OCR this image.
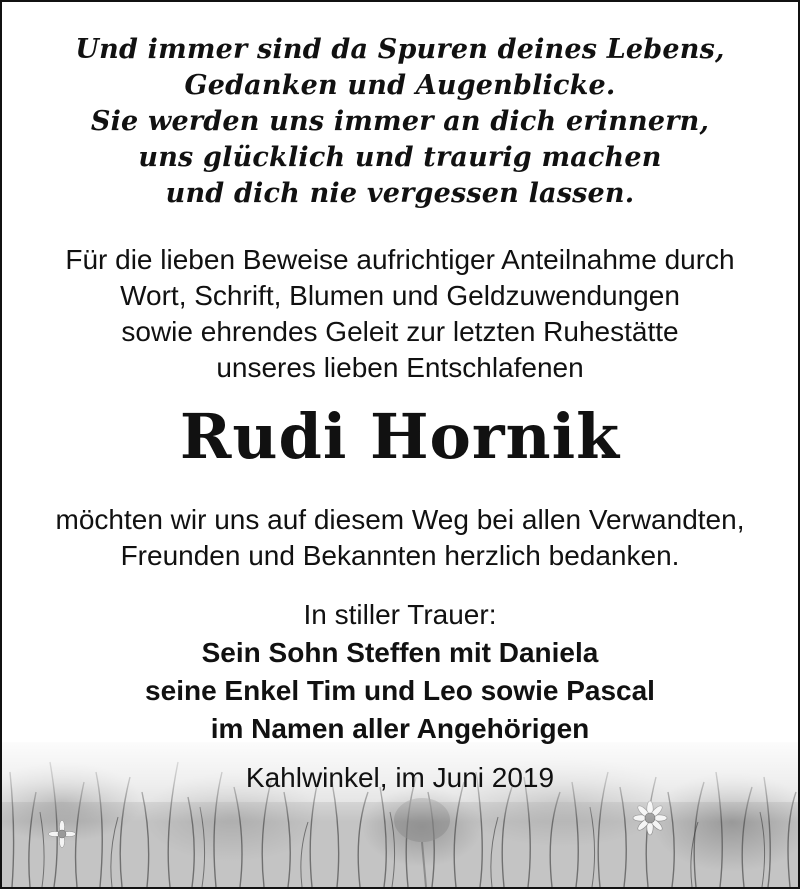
Und immer sind da Spuren deines Lebens,
Gedanken und Augenblicke.
Sie werden uns immer an dich erinnern,
uns glücklich und traurig machen
und dich nie vergessen lassen.
Für die lieben Beweise aufrichtiger Anteilnahme durch
Wort, Schrift, Blumen und Geldzuwendungen
sowie ehrendes Geleit zur letzten Ruhestätte
unseres lieben Entschlafenen
Rudi Hornik
möchten wir uns auf diesem Weg bei allen Verwandten,
Freunden und Bekannten herzlich bedanken.
In stiller Trauer:
Sein Sohn Steffen mit Daniela
seine Enkel Tim und Leo sowie Pascal
im Namen aller Angehörigen
Kahlwinkel, im Juni 2019
